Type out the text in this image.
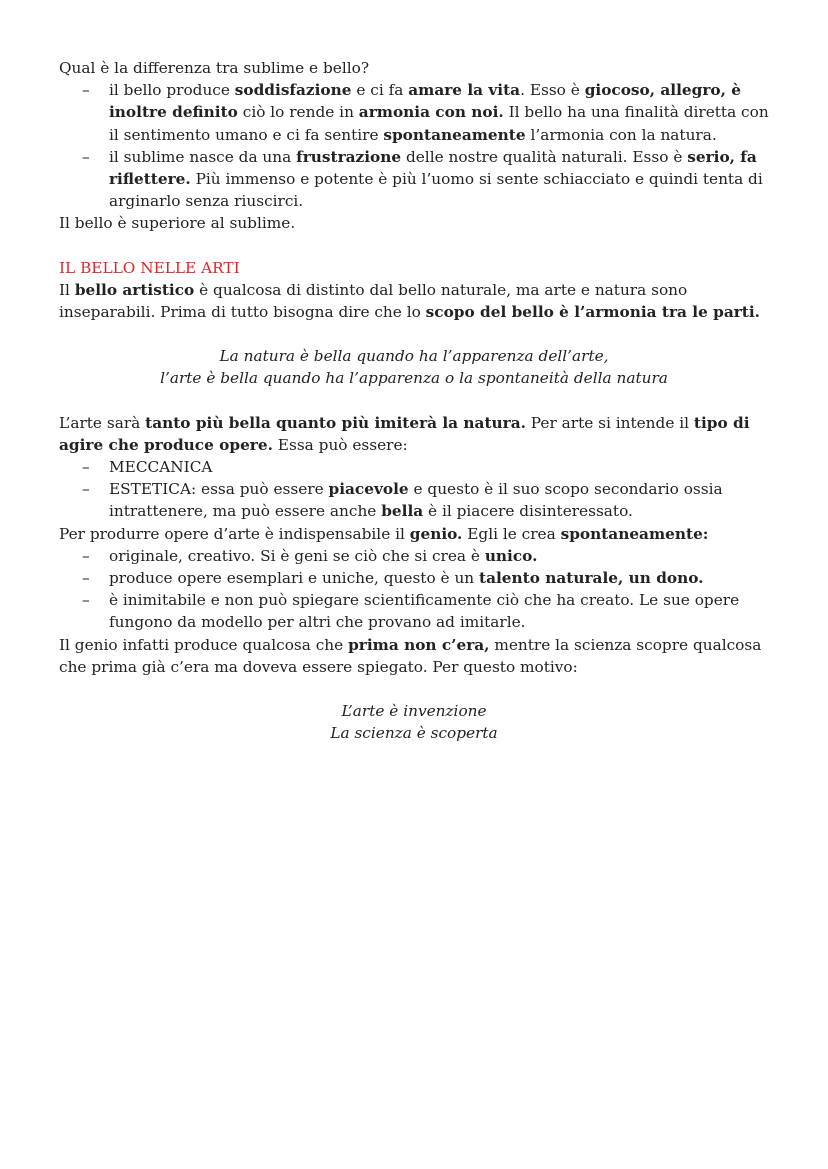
Qual è la differenza tra sublime e bello?

– il bello produce soddisfazione e ci fa amare la vita. Esso è giocoso, allegro, è inoltre definito ciò lo rende in armonia con noi. Il bello ha una finalità diretta con il sentimento umano e ci fa sentire spontaneamente l’armonia con la natura.
– il sublime nasce da una frustrazione delle nostre qualità naturali. Esso è serio, fa riflettere. Più immenso e potente è più l’uomo si sente schiacciato e quindi tenta di arginarlo senza riuscirci.

Il bello è superiore al sublime.

IL BELLO NELLE ARTI

Il bello artistico è qualcosa di distinto dal bello naturale, ma arte e natura sono inseparabili. Prima di tutto bisogna dire che lo scopo del bello è l’armonia tra le parti.

La natura è bella quando ha l’apparenza dell’arte,

l’arte è bella quando ha l’apparenza o la spontaneità della natura

L’arte sarà tanto più bella quanto più imiterà la natura. Per arte si intende il tipo di agire che produce opere. Essa può essere:

– MECCANICA
– ESTETICA: essa può essere piacevole e questo è il suo scopo secondario ossia intrattenere, ma può essere anche bella è il piacere disinteressato.

Per produrre opere d’arte è indispensabile il genio. Egli le crea spontaneamente:

– originale, creativo. Si è geni se ciò che si crea è unico.
– produce opere esemplari e uniche, questo è un talento naturale, un dono.
– è inimitabile e non può spiegare scientificamente ciò che ha creato. Le sue opere fungono da modello per altri che provano ad imitarle.

Il genio infatti produce qualcosa che prima non c’era, mentre la scienza scopre qualcosa che prima già c’era ma doveva essere spiegato. Per questo motivo:

L’arte è invenzione

La scienza è scoperta
